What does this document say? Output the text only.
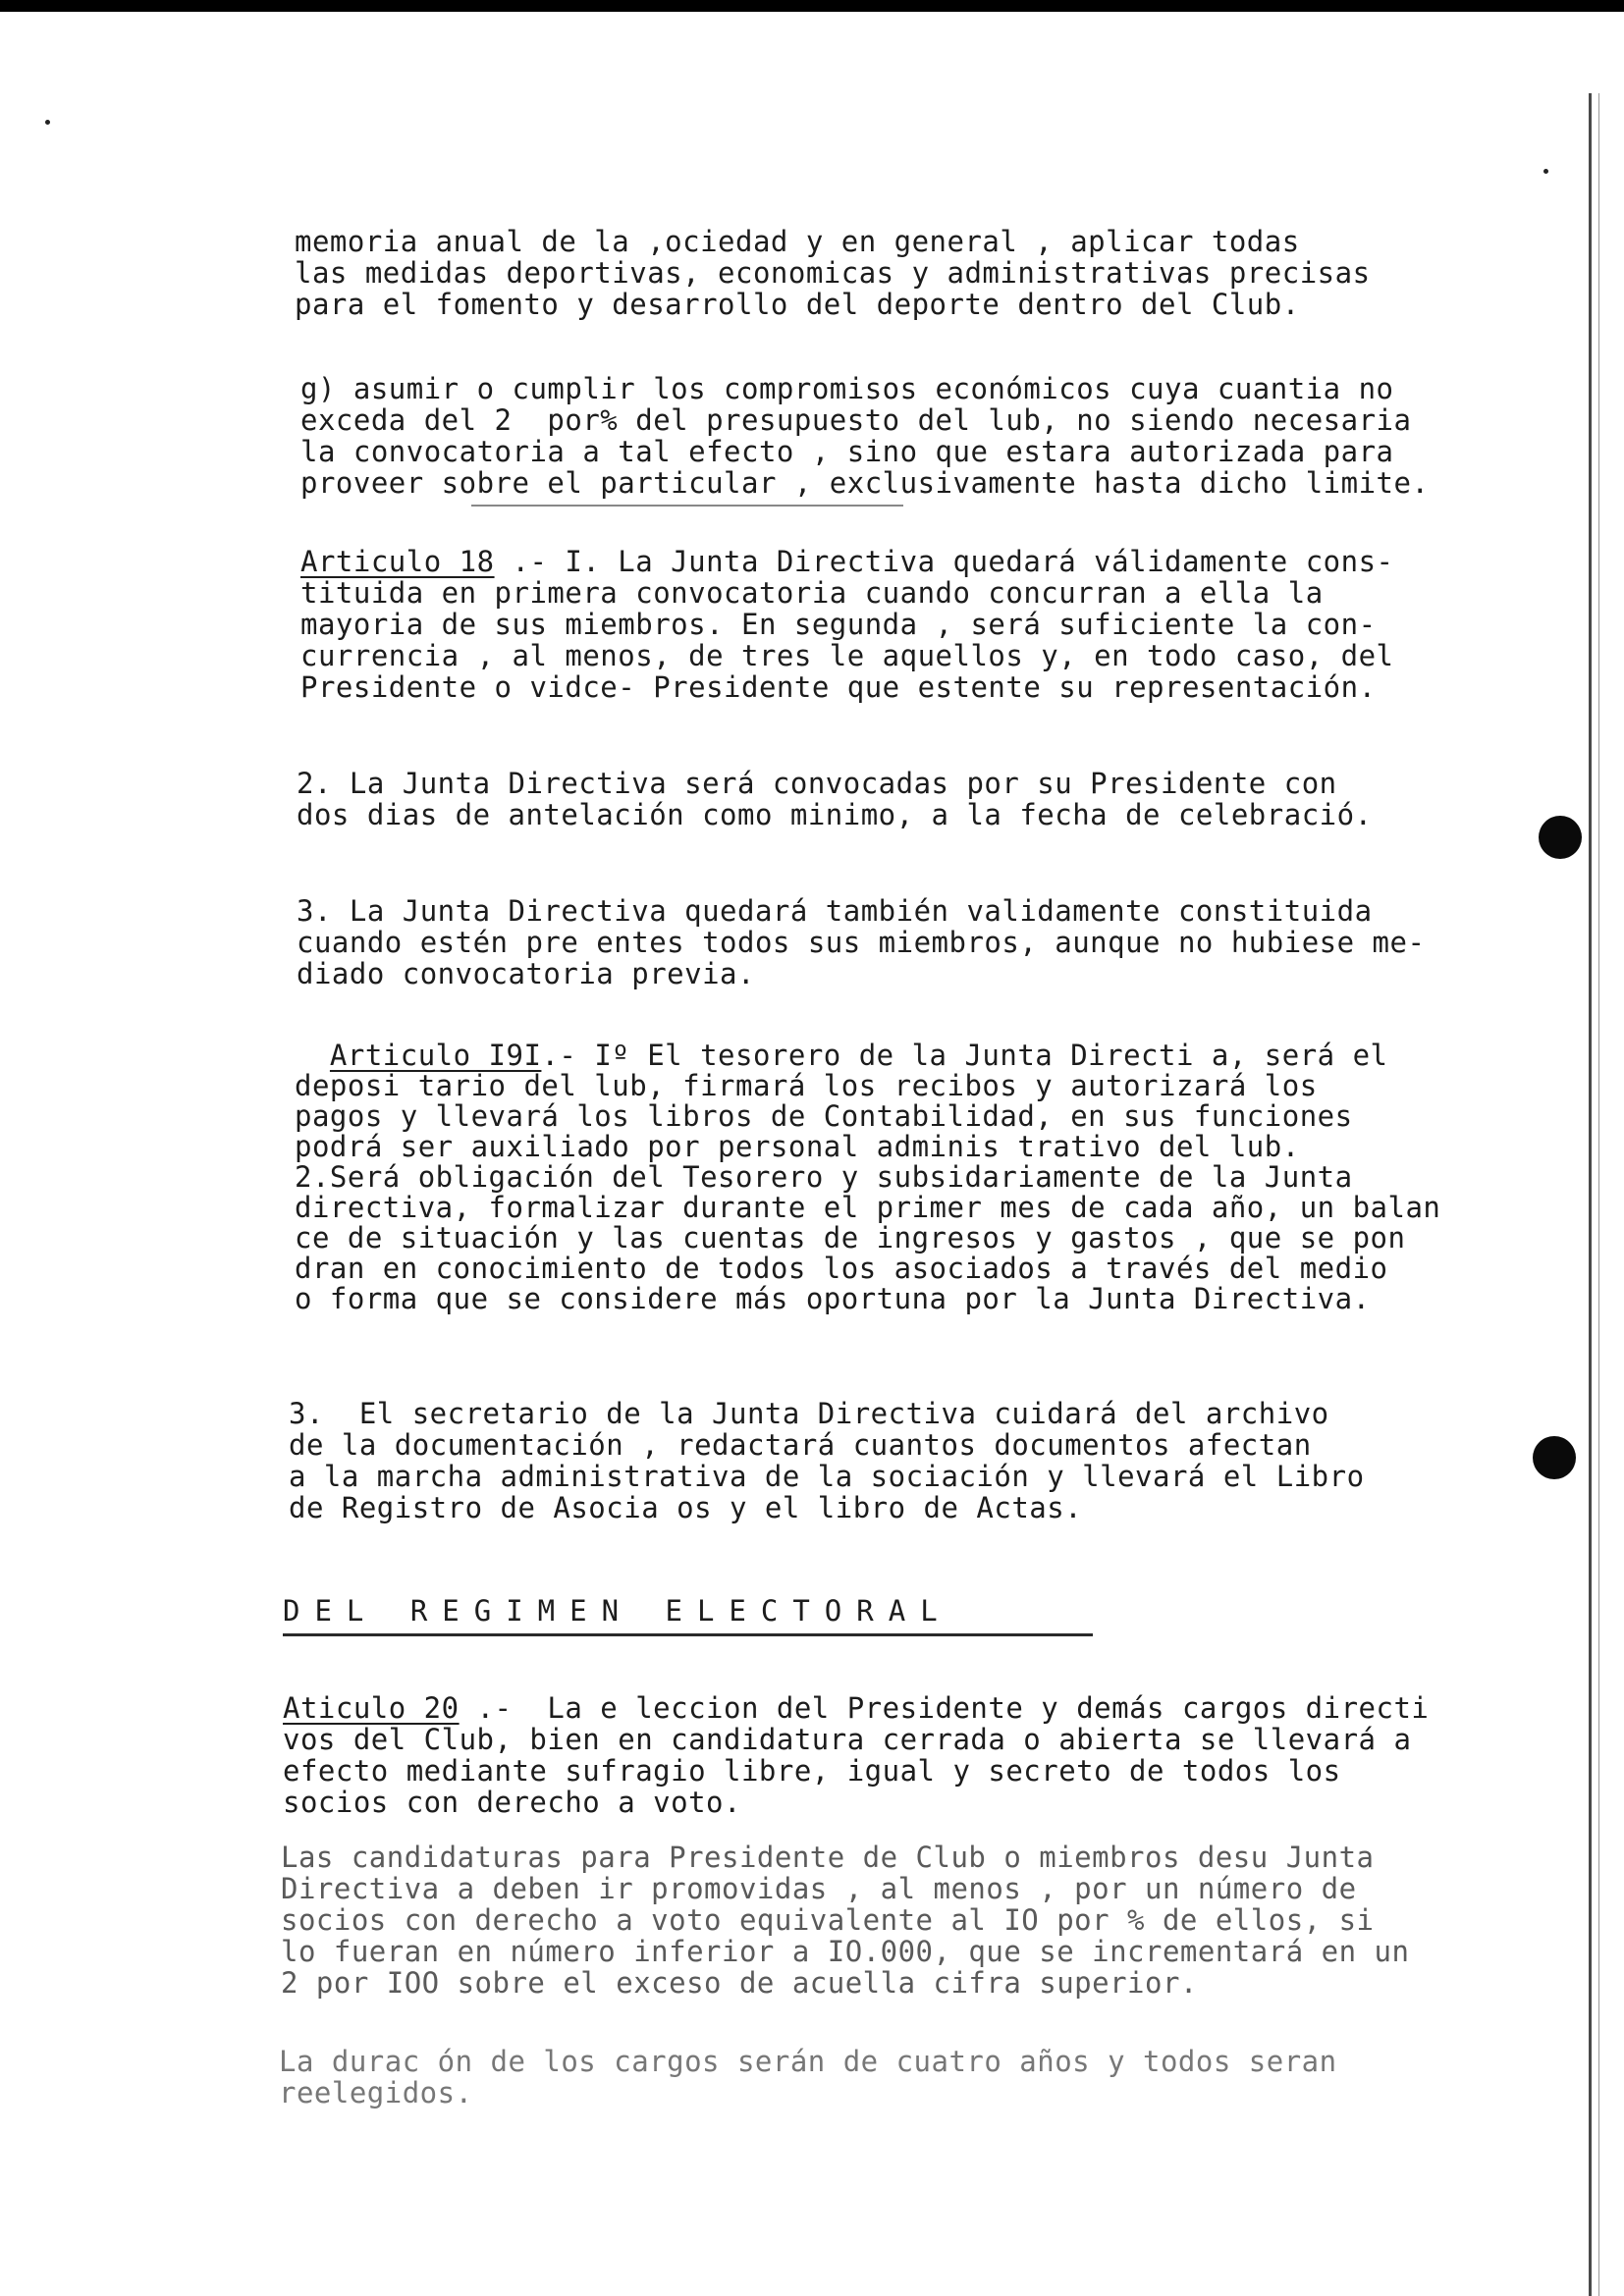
memoria anual de la ,ociedad y en general , aplicar todas
las medidas deportivas, economicas y administrativas precisas
para el fomento y desarrollo del deporte dentro del Club.
g) asumir o cumplir los compromisos económicos cuya cuantia no
exceda del 2  por% del presupuesto del lub, no siendo necesaria
la convocatoria a tal efecto , sino que estara autorizada para
proveer sobre el particular , exclusivamente hasta dicho limite.
Articulo 18 .- I. La Junta Directiva quedará válidamente cons-
tituida en primera convocatoria cuando concurran a ella la
mayoria de sus miembros. En segunda , será suficiente la con-
currencia , al menos, de tres le aquellos y, en todo caso, del
Presidente o vidce- Presidente que estente su representación.
2. La Junta Directiva será convocadas por su Presidente con
dos dias de antelación como minimo, a la fecha de celebració.
3. La Junta Directiva quedará también validamente constituida
cuando estén pre entes todos sus miembros, aunque no hubiese me-
diado convocatoria previa.
Articulo I9I.- Iº El tesorero de la Junta Directi a, será el
deposi tario del lub, firmará los recibos y autorizará los
pagos y llevará los libros de Contabilidad, en sus funciones
podrá ser auxiliado por personal adminis trativo del lub.
2.Será obligación del Tesorero y subsidariamente de la Junta
directiva, formalizar durante el primer mes de cada año, un balan
ce de situación y las cuentas de ingresos y gastos , que se pon
dran en conocimiento de todos los asociados a través del medio
o forma que se considere más oportuna por la Junta Directiva.
3.  El secretario de la Junta Directiva cuidará del archivo
de la documentación , redactará cuantos documentos afectan
a la marcha administrativa de la sociación y llevará el Libro
de Registro de Asocia os y el libro de Actas.
DEL REGIMEN ELECTORAL
Aticulo 20 .-  La e leccion del Presidente y demás cargos directi
vos del Club, bien en candidatura cerrada o abierta se llevará a
efecto mediante sufragio libre, igual y secreto de todos los
socios con derecho a voto.
Las candidaturas para Presidente de Club o miembros desu Junta
Directiva a deben ir promovidas , al menos , por un número de
socios con derecho a voto equivalente al IO por % de ellos, si
lo fueran en número inferior a IO.000, que se incrementará en un
2 por IOO sobre el exceso de acuella cifra superior.
La durac ón de los cargos serán de cuatro años y todos seran
reelegidos.
